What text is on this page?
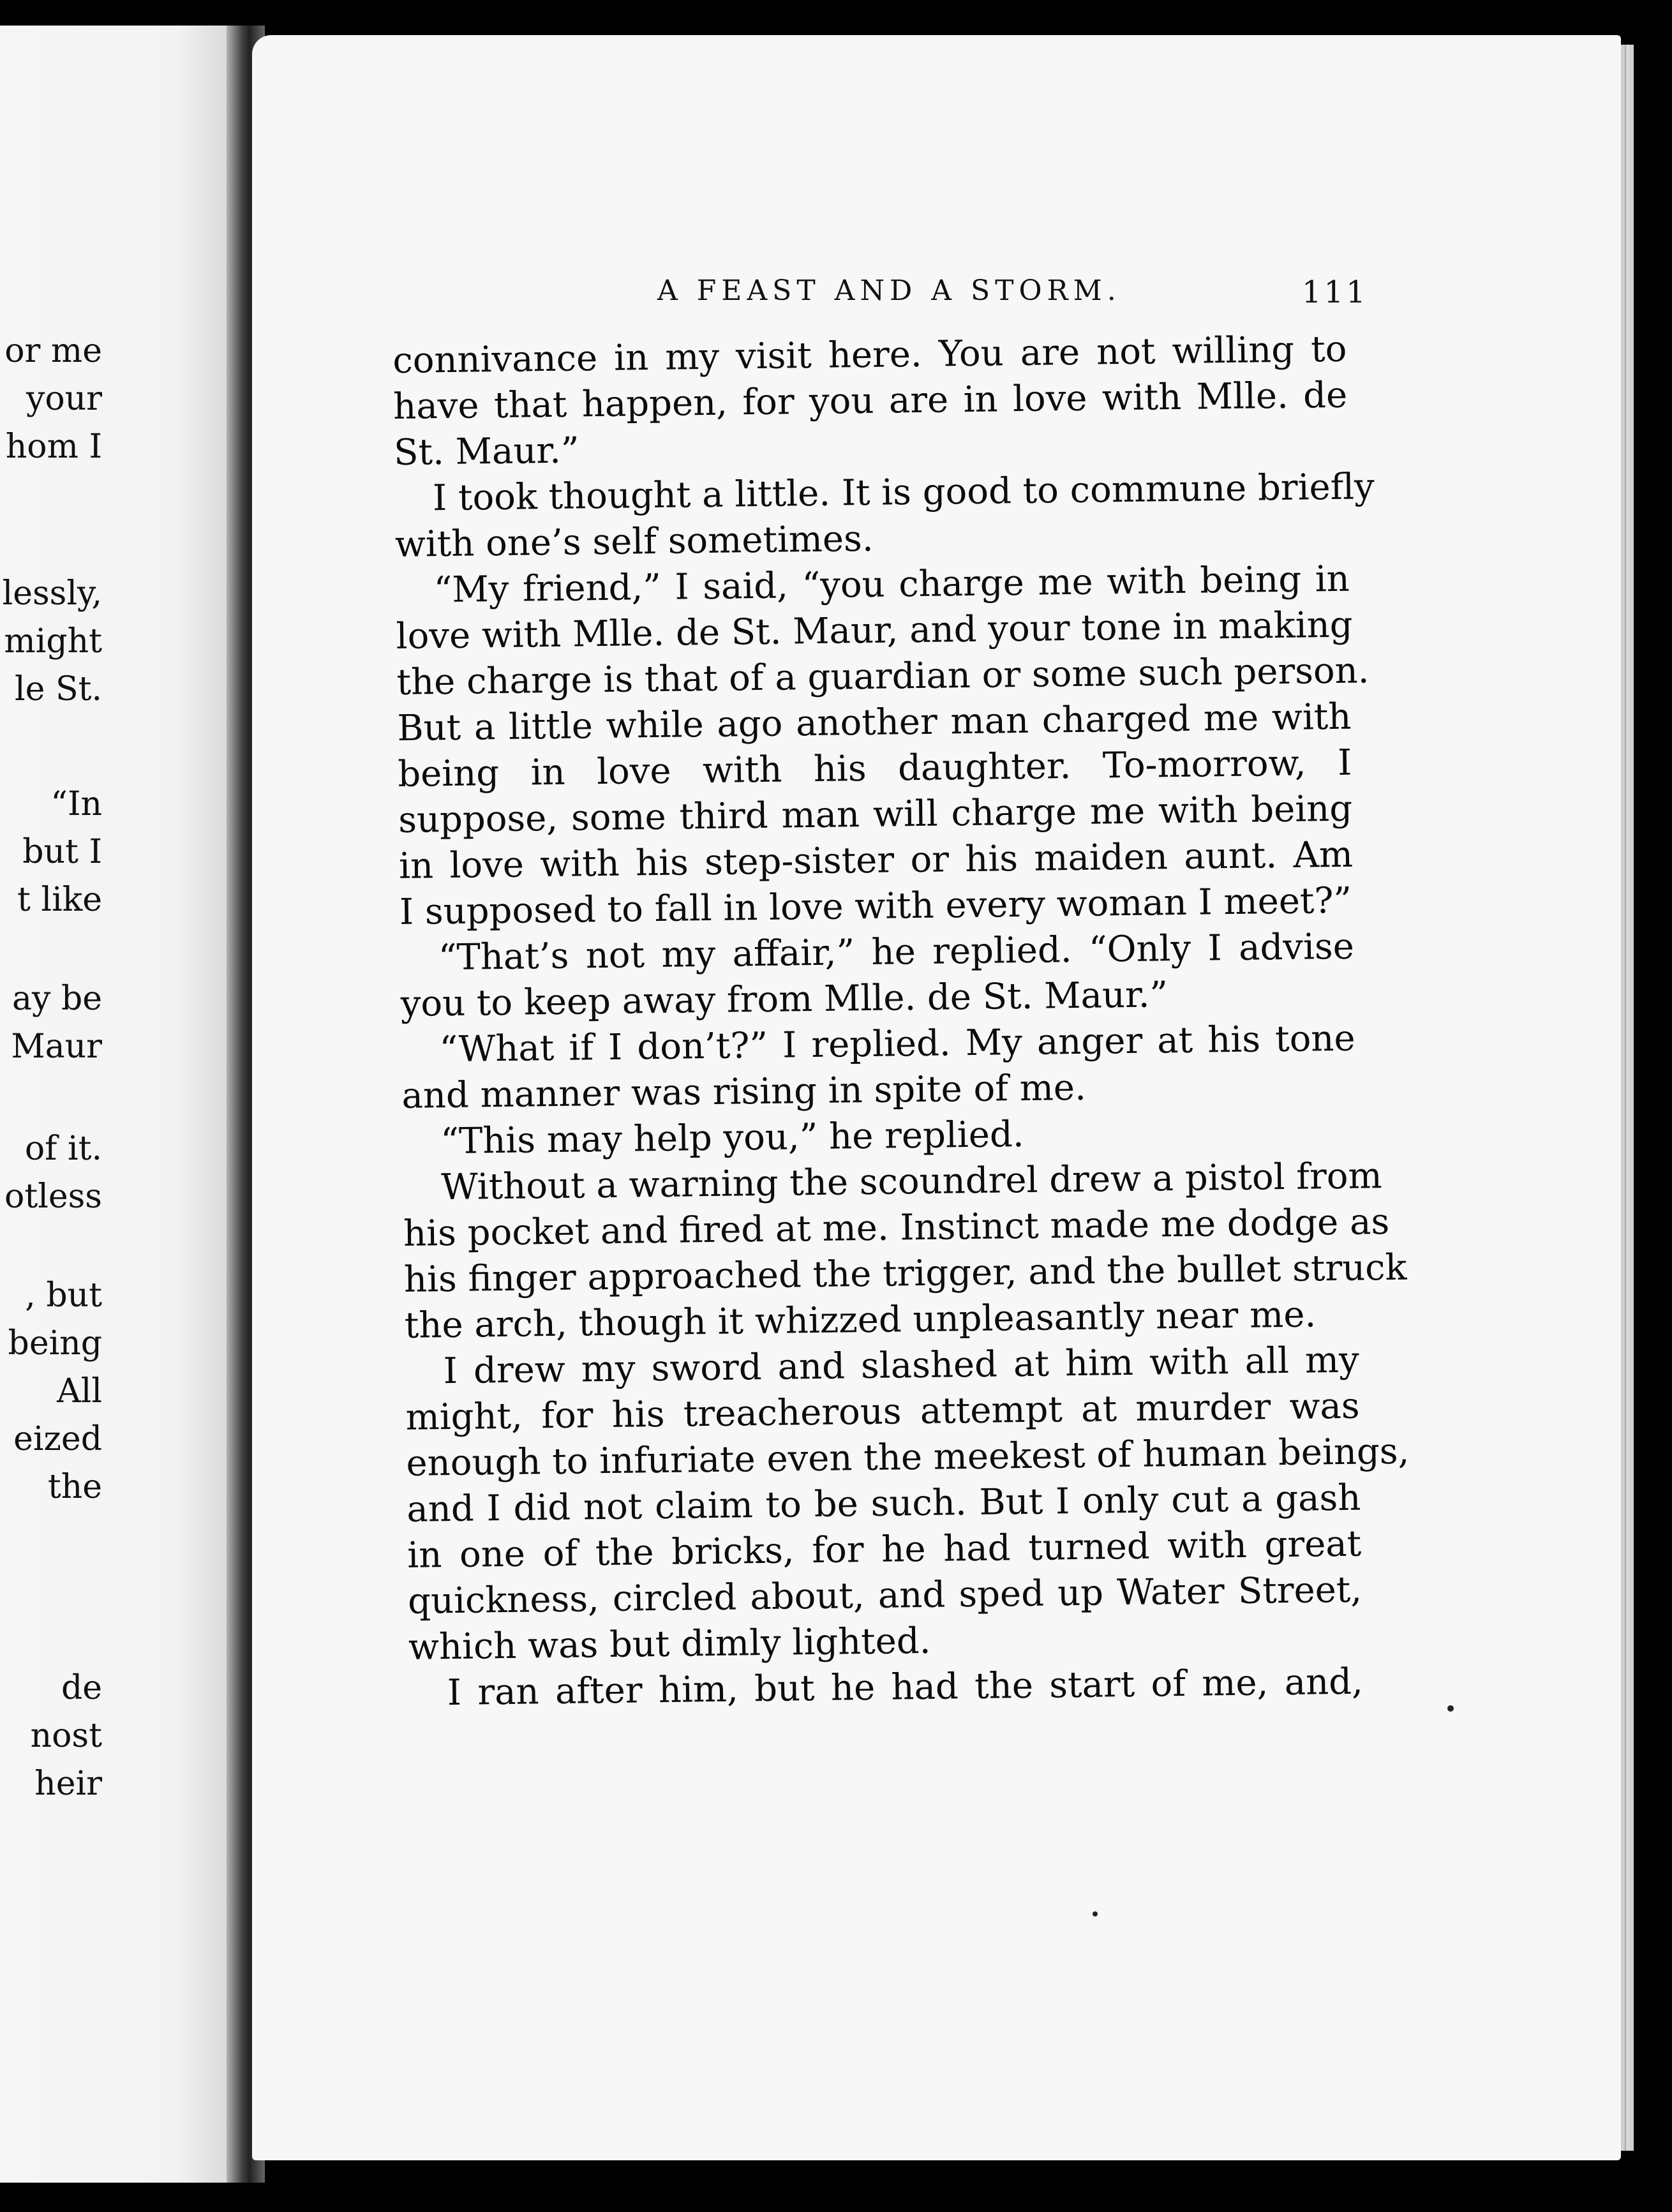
or me
your
hom I
lessly,
might
le St.
“In
but I
t like
ay be
Maur
of it.
otless
, but
being
All
eized
the
de
nost
heir
A FEAST AND A STORM.	111
connivance in my visit here. You are not willing to
have that happen, for you are in love with Mlle. de
St. Maur.”
I took thought a little. It is good to commune briefly
with one’s self sometimes.
“My friend,” I said, “you charge me with being in
love with Mlle. de St. Maur, and your tone in making
the charge is that of a guardian or some such person.
But a little while ago another man charged me with
being in love with his daughter. To-morrow, I
suppose, some third man will charge me with being
in love with his step-sister or his maiden aunt. Am
I supposed to fall in love with every woman I meet?”
“That’s not my affair,” he replied. “Only I advise
you to keep away from Mlle. de St. Maur.”
“What if I don’t?” I replied. My anger at his tone
and manner was rising in spite of me.
“This may help you,” he replied.
Without a warning the scoundrel drew a pistol from
his pocket and fired at me. Instinct made me dodge as
his finger approached the trigger, and the bullet struck
the arch, though it whizzed unpleasantly near me.
I drew my sword and slashed at him with all my
might, for his treacherous attempt at murder was
enough to infuriate even the meekest of human beings,
and I did not claim to be such. But I only cut a gash
in one of the bricks, for he had turned with great
quickness, circled about, and sped up Water Street,
which was but dimly lighted.
I ran after him, but he had the start of me, and,
